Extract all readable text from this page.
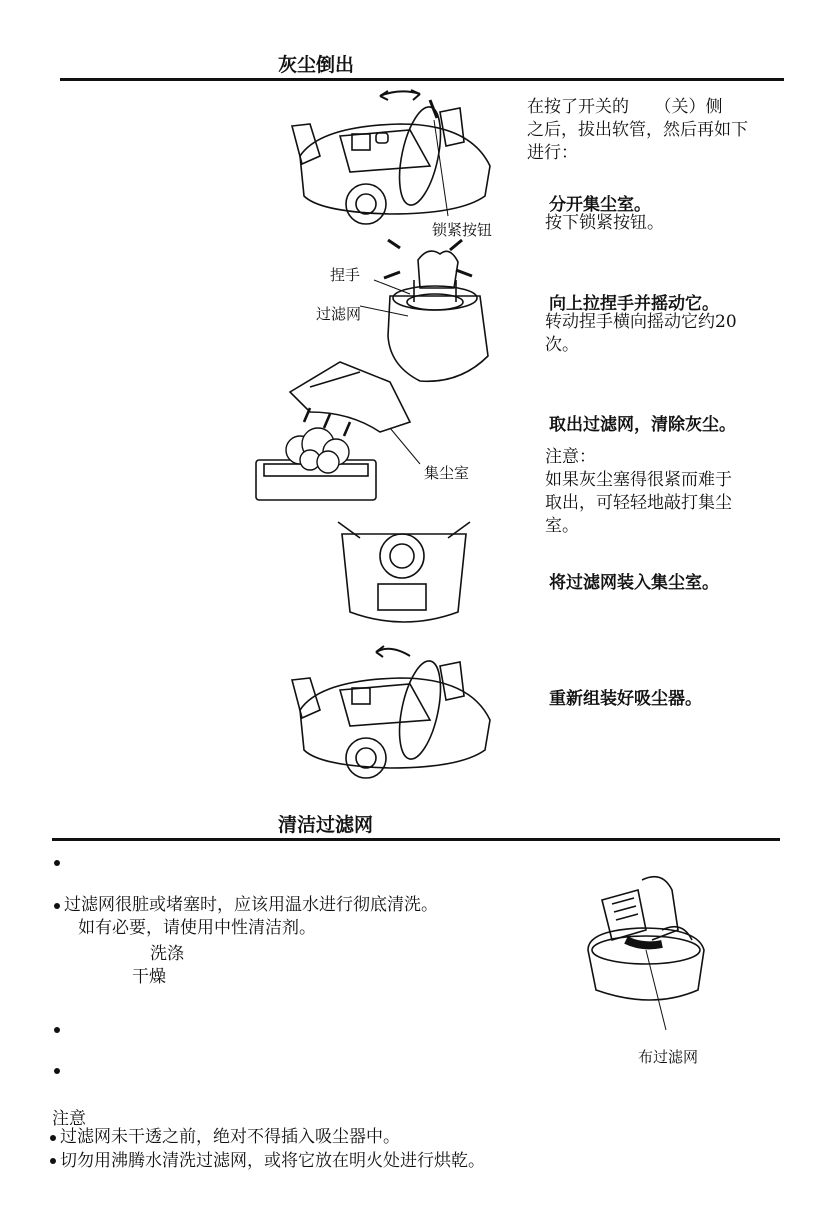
灰尘倒出
在按了开关的　　（关）侧
之后，拔出软管，然后再如下
进行：
分开集尘室。
按下锁紧按钮。
向上拉捏手并摇动它。
转动捏手横向摇动它约20
次。
取出过滤网，清除灰尘。
注意：
如果灰尘塞得很紧而难于
取出，可轻轻地敲打集尘
室。
将过滤网装入集尘室。
重新组装好吸尘器。
锁紧按钮
捏手
过滤网
集尘室
清洁过滤网
过滤网很脏或堵塞时，应该用温水进行彻底清洗。
如有必要，请使用中性清洁剂。
洗涤
干燥
布过滤网
注意
过滤网未干透之前，绝对不得插入吸尘器中。
切勿用沸腾水清洗过滤网，或将它放在明火处进行烘乾。
